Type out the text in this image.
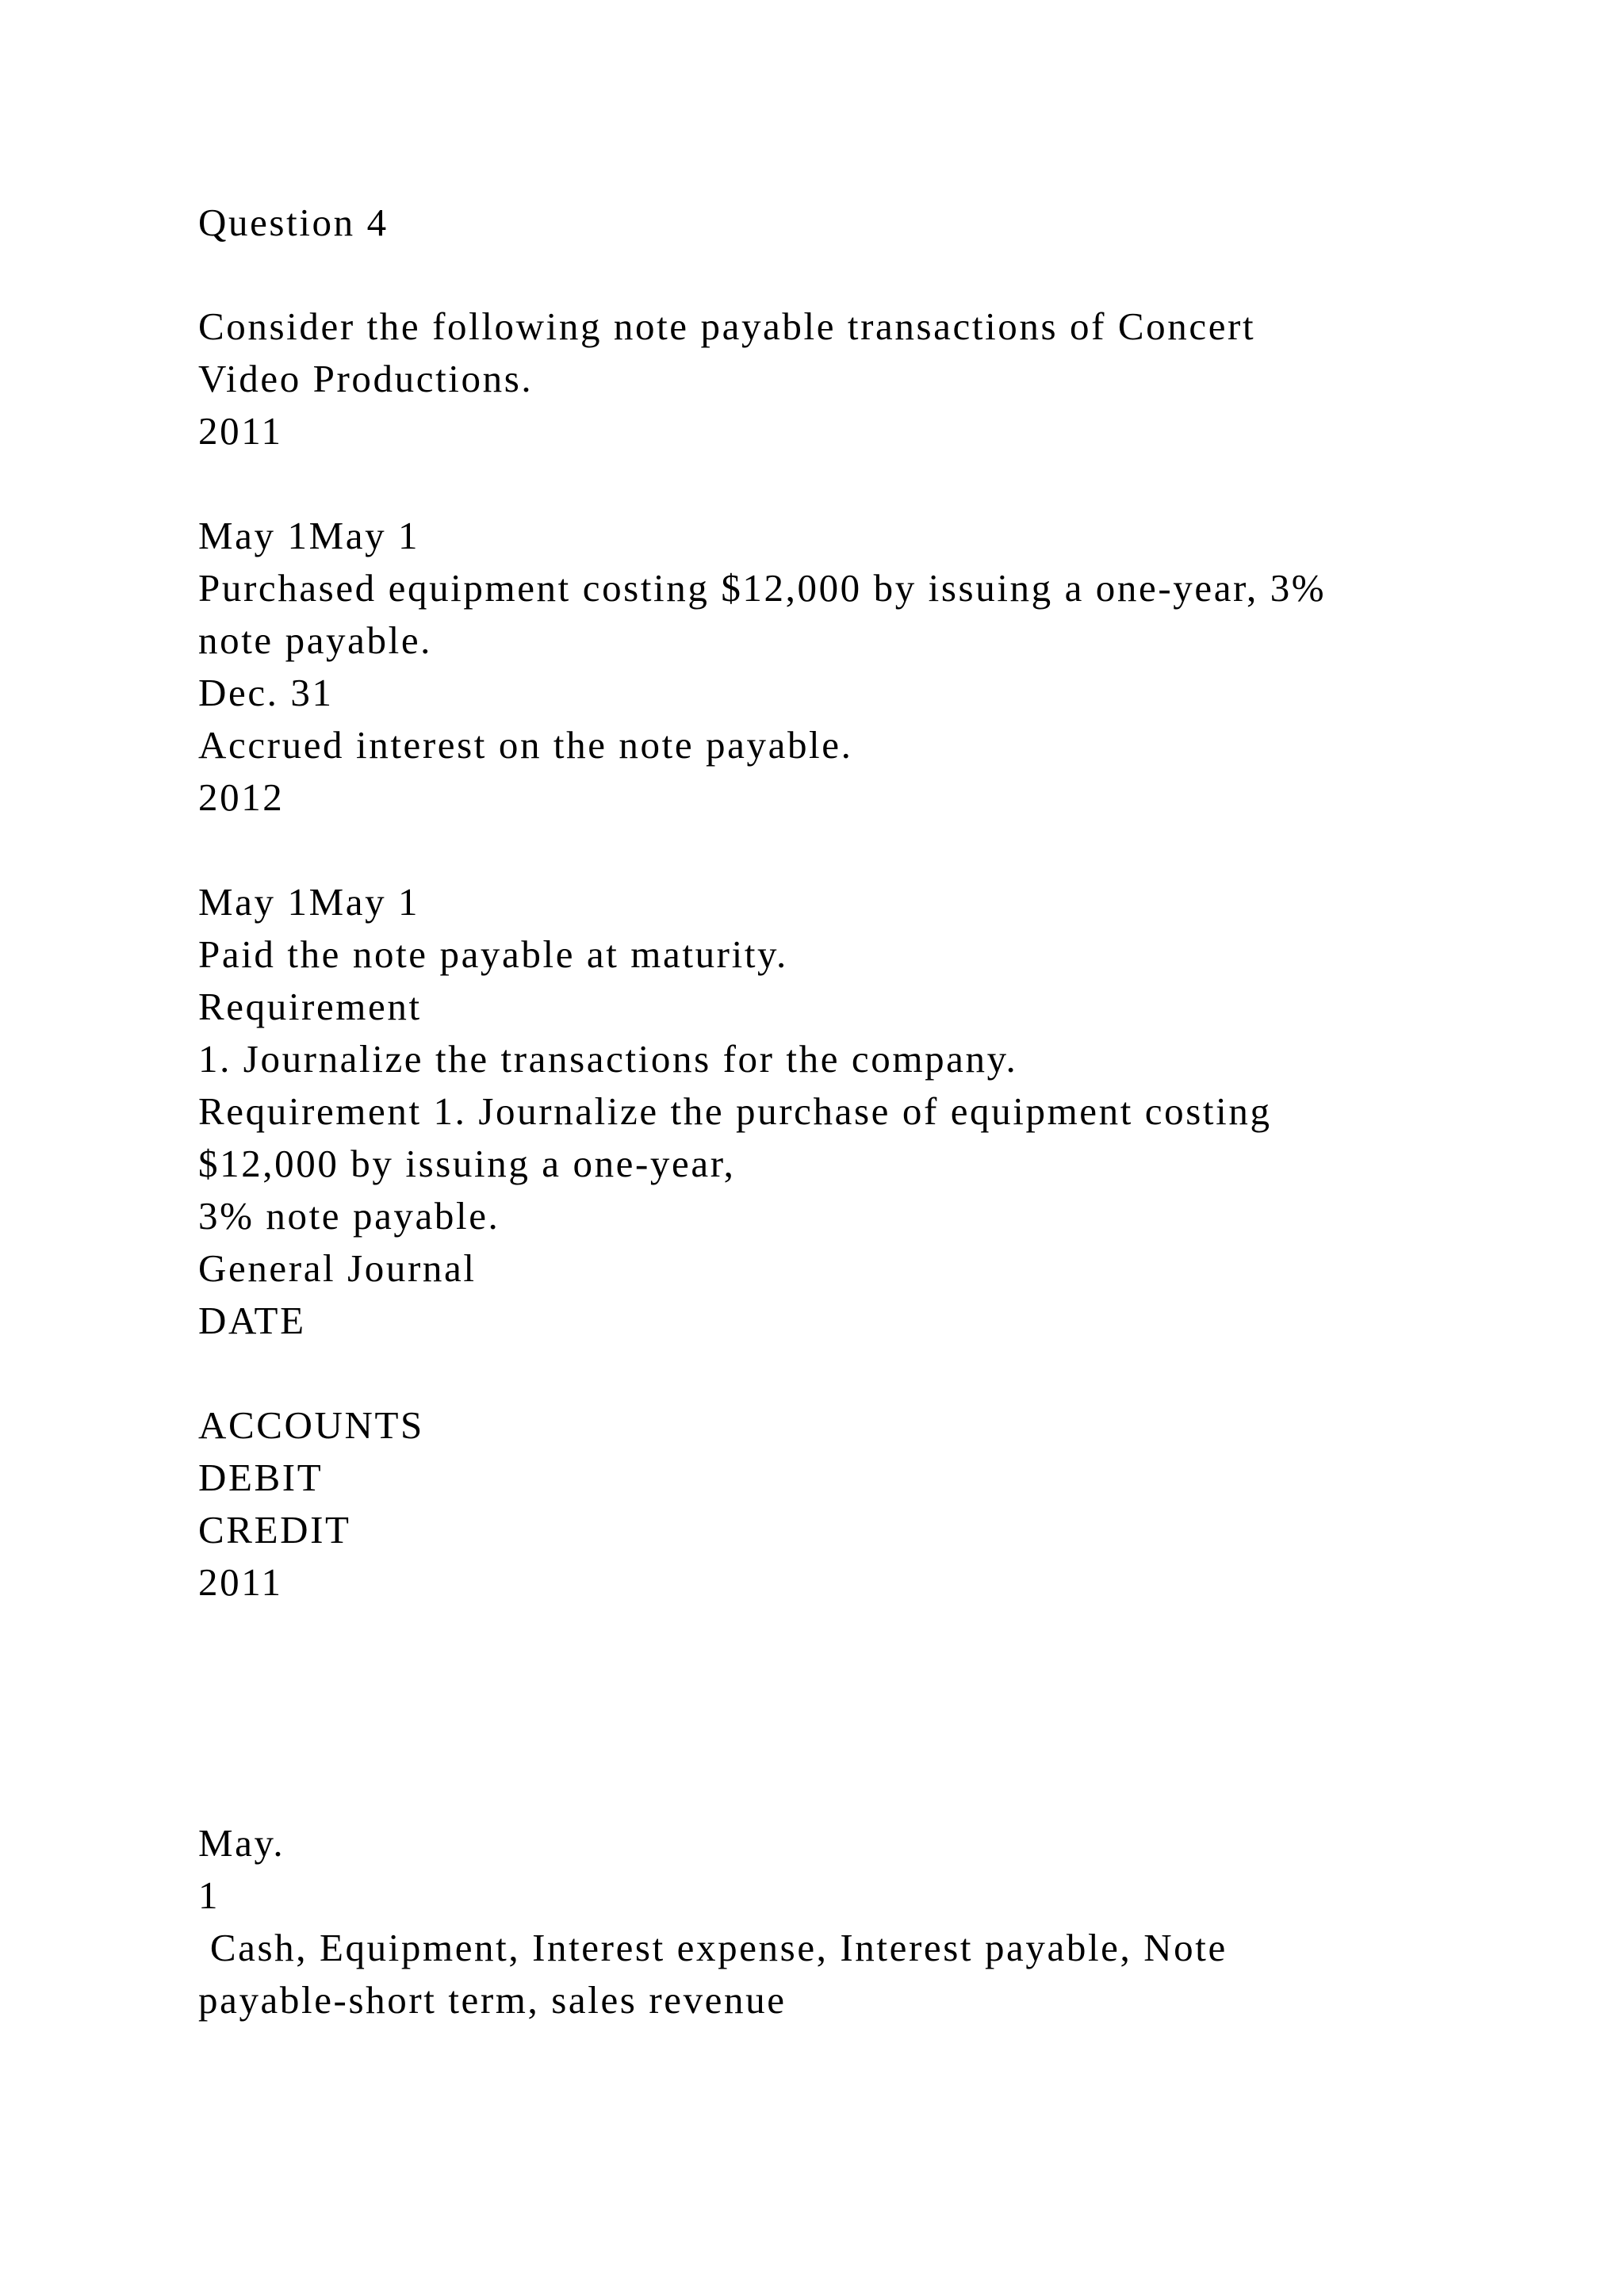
Question 4
Consider the following note payable transactions of Concert
Video Productions.
2011
May 1May 1
Purchased equipment costing $12,000 by issuing a one-year, 3%
note payable.
Dec. 31
Accrued interest on the note payable.
2012
May 1May 1
Paid the note payable at maturity.
Requirement
1. Journalize the transactions for the company.
Requirement 1. Journalize the purchase of equipment costing
$12,000 by issuing a one-year,
3% note payable.
General Journal
DATE
ACCOUNTS
DEBIT
CREDIT
2011
May.
1
Cash, Equipment, Interest expense, Interest payable, Note
payable-short term, sales revenue
